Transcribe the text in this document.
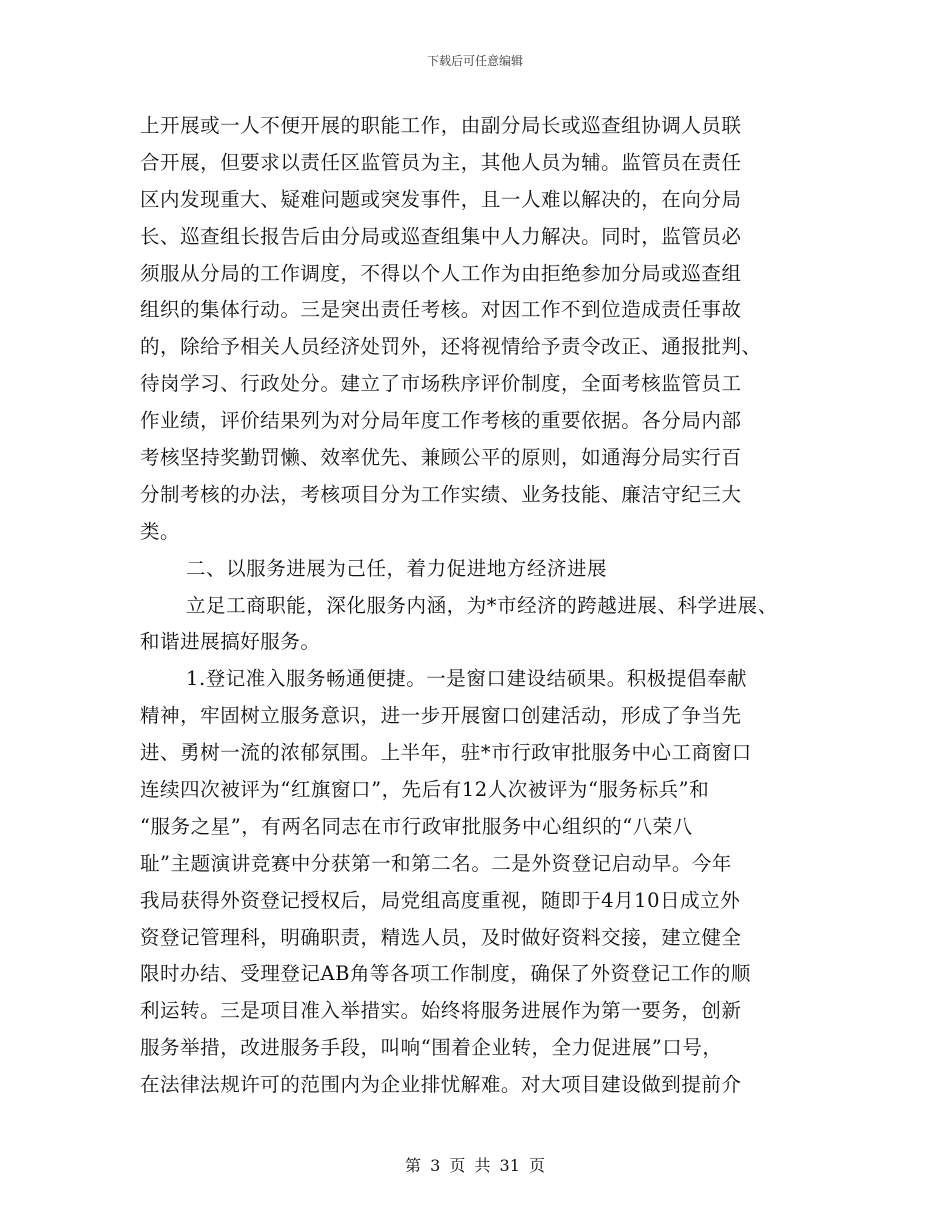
下载后可任意编辑
上开展或一人不便开展的职能工作，由副分局长或巡查组协调人员联
合开展，但要求以责任区监管员为主，其他人员为辅。监管员在责任
区内发现重大、疑难问题或突发事件，且一人难以解决的，在向分局
长、巡查组长报告后由分局或巡查组集中人力解决。同时，监管员必
须服从分局的工作调度，不得以个人工作为由拒绝参加分局或巡查组
组织的集体行动。三是突出责任考核。对因工作不到位造成责任事故
的，除给予相关人员经济处罚外，还将视情给予责令改正、通报批判、
待岗学习、行政处分。建立了市场秩序评价制度，全面考核监管员工
作业绩，评价结果列为对分局年度工作考核的重要依据。各分局内部
考核坚持奖勤罚懒、效率优先、兼顾公平的原则，如通海分局实行百
分制考核的办法，考核项目分为工作实绩、业务技能、廉洁守纪三大
类。
二、以服务进展为己任，着力促进地方经济进展
立足工商职能，深化服务内涵，为*市经济的跨越进展、科学进展、
和谐进展搞好服务。
1.登记准入服务畅通便捷。一是窗口建设结硕果。积极提倡奉献
精神，牢固树立服务意识，进一步开展窗口创建活动，形成了争当先
进、勇树一流的浓郁氛围。上半年，驻*市行政审批服务中心工商窗口
连续四次被评为“红旗窗口”，先后有12人次被评为“服务标兵”和
“服务之星”，有两名同志在市行政审批服务中心组织的“八荣八
耻”主题演讲竞赛中分获第一和第二名。二是外资登记启动早。今年
我局获得外资登记授权后，局党组高度重视，随即于4月10日成立外
资登记管理科，明确职责，精选人员，及时做好资料交接，建立健全
限时办结、受理登记AB角等各项工作制度，确保了外资登记工作的顺
利运转。三是项目准入举措实。始终将服务进展作为第一要务，创新
服务举措，改进服务手段，叫响“围着企业转，全力促进展”口号，
在法律法规许可的范围内为企业排忧解难。对大项目建设做到提前介
第 3 页 共 31 页
